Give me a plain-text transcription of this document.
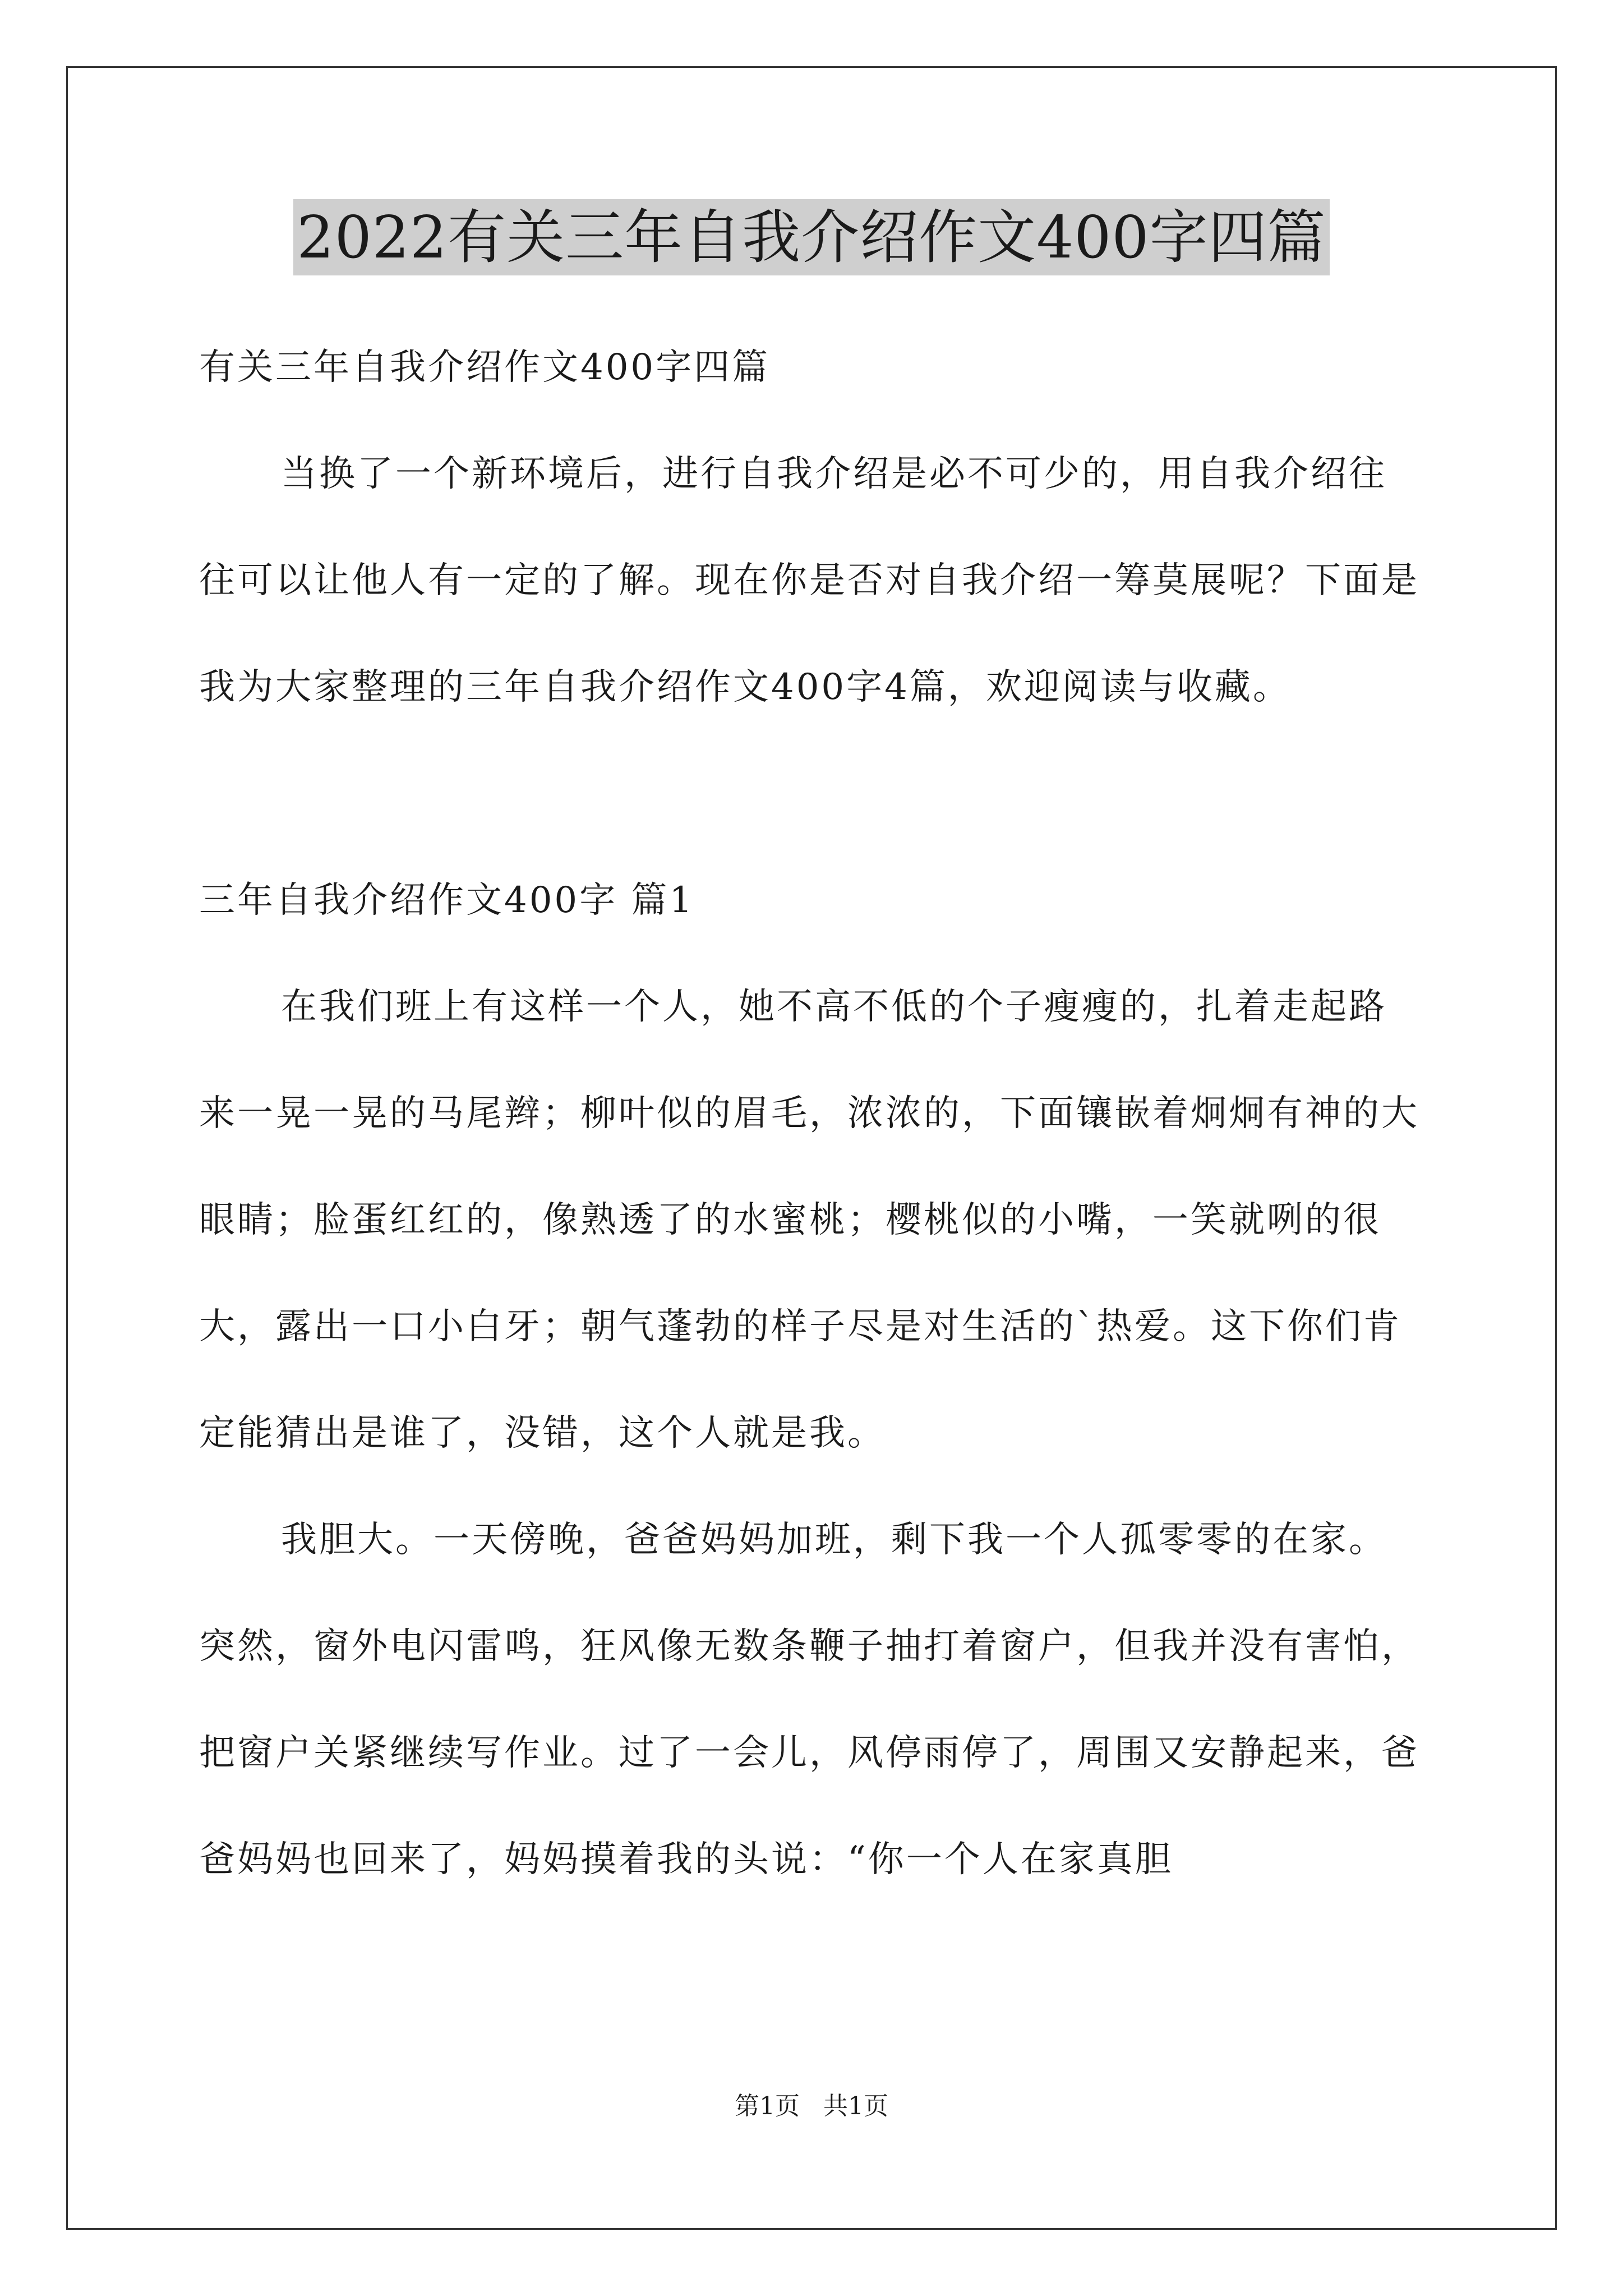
2022有关三年自我介绍作文400字四篇

有关三年自我介绍作文400字四篇

当换了一个新环境后，进行自我介绍是必不可少的，用自我介绍往往可以让他人有一定的了解。现在你是否对自我介绍一筹莫展呢？下面是我为大家整理的三年自我介绍作文400字4篇，欢迎阅读与收藏。

三年自我介绍作文400字 篇1

在我们班上有这样一个人，她不高不低的个子瘦瘦的，扎着走起路来一晃一晃的马尾辫；柳叶似的眉毛，浓浓的，下面镶嵌着炯炯有神的大眼睛；脸蛋红红的，像熟透了的水蜜桃；樱桃似的小嘴，一笑就咧的很大，露出一口小白牙；朝气蓬勃的样子尽是对生活的`热爱。这下你们肯定能猜出是谁了，没错，这个人就是我。

我胆大。一天傍晚，爸爸妈妈加班，剩下我一个人孤零零的在家。突然，窗外电闪雷鸣，狂风像无数条鞭子抽打着窗户，但我并没有害怕，把窗户关紧继续写作业。过了一会儿，风停雨停了，周围又安静起来，爸爸妈妈也回来了，妈妈摸着我的头说：“你一个人在家真胆

第1页   共1页
